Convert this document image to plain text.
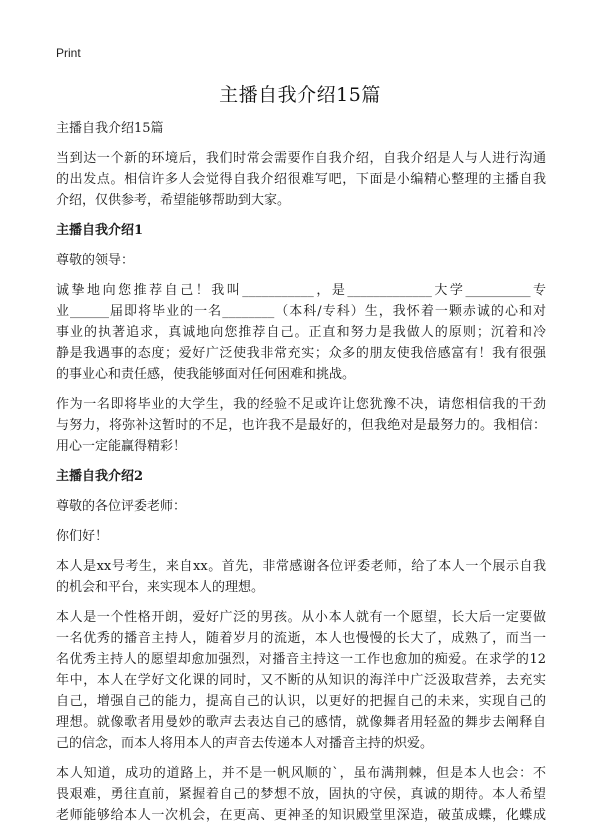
Print
主播自我介绍15篇
主播自我介绍15篇
当到达一个新的环境后，我们时常会需要作自我介绍，自我介绍是人与人进行沟通
的出发点。相信许多人会觉得自我介绍很难写吧，下面是小编精心整理的主播自我
介绍，仅供参考，希望能够帮助到大家。
主播自我介绍1
尊敬的领导：
诚挚地向您推荐自己！我叫___________，是_____________大学__________专
业______届即将毕业的一名________（本科/专科）生，我怀着一颗赤诚的心和对
事业的执著追求，真诚地向您推荐自己。正直和努力是我做人的原则；沉着和冷
静是我遇事的态度；爱好广泛使我非常充实；众多的朋友使我倍感富有！我有很强
的事业心和责任感，使我能够面对任何困难和挑战。
作为一名即将毕业的大学生，我的经验不足或许让您犹豫不决，请您相信我的干劲
与努力，将弥补这暂时的不足，也许我不是最好的，但我绝对是最努力的。我相信：
用心一定能赢得精彩！
主播自我介绍2
尊敬的各位评委老师：
你们好！
本人是xx号考生，来自xx。首先，非常感谢各位评委老师，给了本人一个展示自我
的机会和平台，来实现本人的理想。
本人是一个性格开朗，爱好广泛的男孩。从小本人就有一个愿望，长大后一定要做
一名优秀的播音主持人，随着岁月的流逝，本人也慢慢的长大了，成熟了，而当一
名优秀主持人的愿望却愈加强烈，对播音主持这一工作也愈加的痴爱。在求学的12
年中，本人在学好文化课的同时，又不断的从知识的海洋中广泛汲取营养，去充实
自己，增强自己的能力，提高自己的认识，以更好的把握自己的未来，实现自己的
理想。就像歌者用曼妙的歌声去表达自己的感情，就像舞者用轻盈的舞步去阐释自
己的信念，而本人将用本人的声音去传递本人对播音主持的炽爱。
本人知道，成功的道路上，并不是一帆风顺的`，虽布满荆棘，但是本人也会：不
畏艰难，勇往直前，紧握着自己的梦想不放，固执的守侯，真诚的期待。本人希望
老师能够给本人一次机会，在更高、更神圣的知识殿堂里深造，破茧成蝶，化蝶成
